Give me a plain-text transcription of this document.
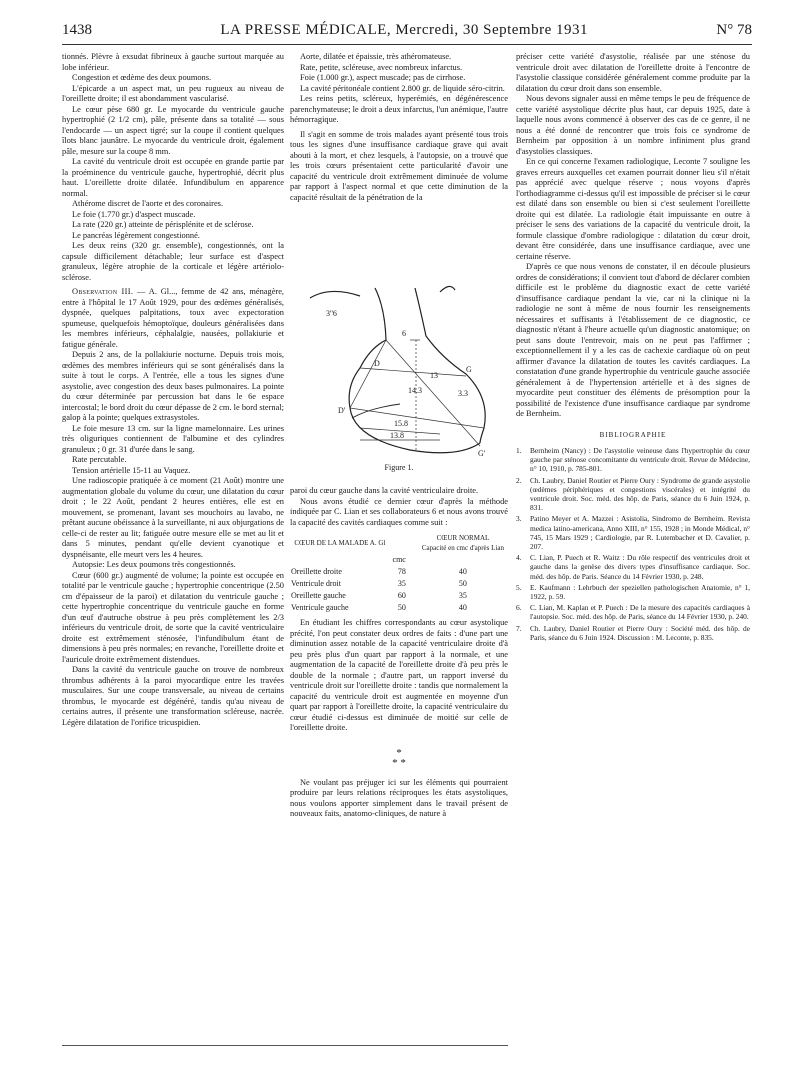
1438	LA PRESSE MÉDICALE, Mercredi, 30 Septembre 1931	N° 78

tionnés. Plèvre à exsudat fibrineux à gauche surtout marquée au lobe inférieur.

Congestion et œdème des deux poumons.

L'épicarde a un aspect mat, un peu rugueux au niveau de l'oreillette droite; il est abondamment vascularisé.

Le cœur pèse 680 gr. Le myocarde du ventricule gauche hypertrophié (2 1/2 cm), pâle, présente dans sa totalité — sous l'endocarde — un aspect tigré; sur la coupe il contient quelques îlots blanc jaunâtre. Le myocarde du ventricule droit, également pâle, mesure sur la coupe 8 mm.

La cavité du ventricule droit est occupée en grande partie par la proéminence du ventricule gauche, hypertrophié, décrit plus haut. L'oreillette droite dilatée. Infundibulum en apparence normal.

Athérome discret de l'aorte et des coronaires.

Le foie (1.770 gr.) d'aspect muscade.

La rate (220 gr.) atteinte de périsplénite et de sclérose.

Le pancréas légèrement congestionné.

Les deux reins (320 gr. ensemble), congestionnés, ont la capsule difficilement détachable; leur surface est d'aspect granuleux, légère atrophie de la corticale et légère artériolo-sclérose.

Observation III. — A. Gl..., femme de 42 ans, ménagère, entre à l'hôpital le 17 Août 1929, pour des œdèmes généralisés, dyspnée, quelques palpitations, toux avec expectoration spumeuse, quelquefois hémoptoïque, douleurs généralisées dans les membres inférieurs, céphalalgie, nausées, pollakiurie et fatigue générale.

Depuis 2 ans, de la pollakiurie nocturne. Depuis trois mois, œdèmes des membres inférieurs qui se sont généralisés dans la suite à tout le corps. A l'entrée, elle a tous les signes d'une asystolie, avec congestion des deux bases pulmonaires. La pointe du cœur déterminée par percussion bat dans le 6e espace intercostal; le bord droit du cœur dépasse de 2 cm. le bord sternal; galop à la pointe; quelques extrasystoles.

Le foie mesure 13 cm. sur la ligne mamelonnaire. Les urines très oliguriques contiennent de l'albumine et des cylindres granuleux ; 0 gr. 31 d'urée dans le sang.

Rate percutable.

Tension artérielle 15-11 au Vaquez.

Une radioscopie pratiquée à ce moment (21 Août) montre une augmentation globale du volume du cœur, une dilatation du cœur droit ; le 22 Août, pendant 2 heures entières, elle est en mouvement, se promenant, lavant ses mouchoirs au lavabo, ne prêtant aucune obéissance à la surveillante, ni aux objurgations de celle-ci de rester au lit; fatiguée outre mesure elle se met au lit et dans 5 minutes, pendant qu'elle devient cyanotique et dyspnéisante, elle meurt vers les 4 heures.

Autopsie: Les deux poumons très congestionnés.

Cœur (600 gr.) augmenté de volume; la pointe est occupée en totalité par le ventricule gauche ; hypertrophie concentrique (2.50 cm d'épaisseur de la paroi) et dilatation du ventricule gauche ; cette hypertrophie concentrique du ventricule gauche en forme d'un œuf d'autruche obstrue à peu près complètement les 2/3 inférieurs du ventricule droit, de sorte que la cavité ventriculaire droite est extrêmement sténosée, l'infundibulum étant de dimensions à peu près normales; en revanche, l'oreillette droite et l'auricule droite extrêmement distendues.

Dans la cavité du ventricule gauche on trouve de nombreux thrombus adhérents à la paroi myocardique entre les travées musculaires. Sur une coupe transversale, au niveau de certains thrombus, le myocarde est dégénéré, tandis qu'au niveau de certains autres, il présente une transformation scléreuse, nacrée. Légère dilatation de l'orifice tricuspidien.

Aorte, dilatée et épaissie, très athéromateuse.

Rate, petite, scléreuse, avec nombreux infarctus.

Foie (1.000 gr.), aspect muscade; pas de cirrhose.

La cavité péritonéale contient 2.800 gr. de liquide séro-citrin.

Les reins petits, scléreux, hyperémiés, en dégénérescence parenchymateuse; le droit a deux infarctus, l'un anémique, l'autre hémorragique.

Il s'agit en somme de trois malades ayant présenté tous trois tous les signes d'une insuffisance cardiaque grave qui avait abouti à la mort, et chez lesquels, à l'autopsie, on a trouvé que les trois cœurs présentaient cette particularité d'avoir une capacité du ventricule droit extrêmement diminuée de volume par rapport à l'aspect normal et que cette diminution de la capacité résultait de la pénétration de la

3''6
D
D'
G
G'
6
13
14.3
15.8
13.8
3.3
Figure 1.

paroi du cœur gauche dans la cavité ventriculaire droite.

Nous avons étudié ce dernier cœur d'après la méthode indiquée par C. Lian et ses collaborateurs 6 et nous avons trouvé la capacité des cavités cardiaques comme suit :

CŒUR DE LA MALADE A. Gl		CŒUR NORMAL
Capacité en cmc d'après Lian

	cmc	
Oreillette droite	78	40
Ventricule droit	35	50
Oreillette gauche	60	35
Ventricule gauche	50	40

En étudiant les chiffres correspondants au cœur asystolique précité, l'on peut constater deux ordres de faits : d'une part une diminution assez notable de la capacité ventriculaire droite d'à peu près plus d'un quart par rapport à la normale, et une augmentation de la capacité de l'oreillette droite d'à peu près le double de la normale ; d'autre part, un rapport inversé du ventricule droit sur l'oreillette droite : tandis que normalement la capacité du ventricule droit est augmentée en moyenne d'un quart par rapport à l'oreillette droite, la capacité ventriculaire du cœur étudié ci-dessus est diminuée de moitié sur celle de l'oreillette droite.

*
* *

Ne voulant pas préjuger ici sur les éléments qui pourraient produire par leurs relations réciproques les états asystoliques, nous voulons apporter simplement dans le travail présent de nouveaux faits, anatomo-cliniques, de nature à

préciser cette variété d'asystolie, réalisée par une sténose du ventricule droit avec dilatation de l'oreillette droite à l'encontre de l'asystolie classique considérée généralement comme produite par la dilatation du cœur droit dans son ensemble.

Nous devons signaler aussi en même temps le peu de fréquence de cette variété asystolique décrite plus haut, car depuis 1925, date à laquelle nous avons commencé à observer des cas de ce genre, il ne nous a été donné de rencontrer que trois fois ce syndrome de Bernheim par opposition à un nombre infiniment plus grand d'asystolies classiques.

En ce qui concerne l'examen radiologique, Leconte 7 souligne les graves erreurs auxquelles cet examen pourrait donner lieu s'il n'était pas apprécié avec quelque réserve ; nous voyons d'après l'orthodiagramme ci-dessus qu'il est impossible de préciser si le cœur est dilaté dans son ensemble ou bien si c'est seulement l'oreillette droite qui est dilatée. La radiologie était impuissante en outre à préciser le sens des variations de la capacité du ventricule droit, la formule classique d'ombre radiologique : dilatation du cœur droit, devant être considérée, dans une insuffisance cardiaque, avec une certaine réserve.

D'après ce que nous venons de constater, il en découle plusieurs ordres de considérations; il convient tout d'abord de déclarer combien difficile est le problème du diagnostic exact de cette variété d'insuffisance cardiaque pendant la vie, car ni la clinique ni la radiologie ne sont à même de nous fournir les renseignements nécessaires et suffisants à l'établissement de ce diagnostic, ce diagnostic n'étant à l'heure actuelle qu'un diagnostic anatomique; on peut sans doute l'entrevoir, mais on ne peut pas l'affirmer ; exceptionnellement il y a les cas de cachexie cardiaque où on peut affirmer d'avance la dilatation de toutes les cavités cardiaques. La constatation d'une grande hypertrophie du ventricule gauche associée généralement à de l'hypertension artérielle et à des signes de myocardite peut constituer des éléments de présomption pour la possibilité de l'existence d'une insuffisance cardiaque par syndrome de Bernheim.

BIBLIOGRAPHIE
1.	Bernheim (Nancy) : De l'asystolie veineuse dans l'hypertrophie du cœur gauche par sténose concomitante du ventricule droit. Revue de Médecine, n° 10, 1910, p. 785-801.
2.	Ch. Laubry, Daniel Routier et Pierre Oury : Syndrome de grande asystolie (œdèmes périphériques et congestions viscérales) et intégrité du ventricule droit. Soc. méd. des hôp. de Paris, séance du 6 Juin 1924, p. 831.
3.	Patino Meyer et A. Mazzei : Asistolia, Sindromo de Bernheim. Revista medica latino-americana, Anno XIII, n° 155, 1928 ; in Monde Médical, n° 745, 15 Mars 1929 ; Cardiologie, par R. Lutembacher et D. Cavalier, p. 207.
4.	C. Lian, P. Puech et R. Waitz : Du rôle respectif des ventricules droit et gauche dans la genèse des divers types d'insuffisance cardiaque. Soc. méd. des hôp. de Paris. Séance du 14 Février 1930, p. 248.
5.	E. Kaufmann : Lehrbuch der speziellen pathologischen Anatomie, n° 1, 1922, p. 59.
6.	C. Lian, M. Kaplan et P. Puech : De la mesure des capacités cardiaques à l'autopsie. Soc. méd. des hôp. de Paris, séance du 14 Février 1930, p. 240.
7.	Ch. Laubry, Daniel Routier et Pierre Oury : Société méd. des hôp. de Paris, séance du 6 Juin 1924. Discussion : M. Leconte, p. 835.
